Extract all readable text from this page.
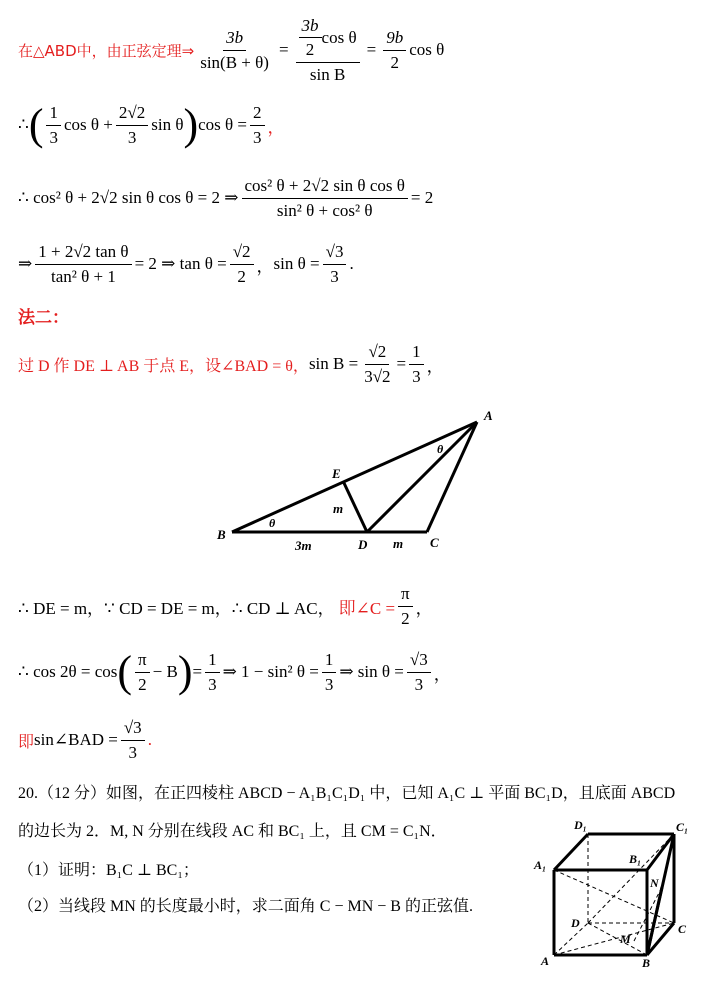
在△ABD中，由正弦定理⇒ $\frac{3b}{\sin(B + \theta)} = \frac{\frac{3b}{2} \cos \theta}{\text{sin B}} = \frac{9b}{2}$ cos θ
∴ ( $\frac{1}{3}$ $\cos \theta + \frac{2√2}{3}$ sin θ ) $\cos \theta = \frac{2}{3}$ ，
∴ cos² θ + 2√2 sin θ cos θ = 2 ⇒ $\frac{\text{cos² θ + 2√2 sin θ cos θ}}{\text{sin² θ + cos² θ}} = 2$
⇒ $\frac{\text{1 + 2√2 tan θ}}{\text{tan² θ + 1}} = 2$ ⇒ $\tan \theta = \frac{√2}{2}$ ， $\sin \theta = \frac{√3}{3}$ .
法二：
过 D 作 DE ⊥ AB 于点 E，设∠BAD = θ， $\sin B = \frac{√2}{3√2} = \frac{1}{3}$ ，
A
B
C
D
E
θ
θ
m
m
3m
∴ DE = m，∵ CD = DE = m，∴ CD ⊥ AC， 即∠C = $\frac{\pi}{2}$ ，
∴ cos 2θ = cos ( $\frac{\pi}{2} - B$ ) = $\frac{1}{3}$ ⇒ 1 − sin² $\theta = \frac{1}{3}$ ⇒ $\sin \theta = \frac{√3}{3}$ ，
即 sin∠BAD = $\frac{√3}{3}$ .
20.（12 分）如图，在正四棱柱 ABCD − A₁B₁C₁D₁ 中，已知 A₁C ⊥ 平面 BC₁D，且底面 ABCD
的边长为 2．M, N 分别在线段 AC 和 BC₁ 上，且 CM = C₁N．
（1）证明：B₁C ⊥ BC₁；
（2）当线段 MN 的长度最小时，求二面角 C − MN − B 的正弦值.
D₁	C₁
A₁	B₁
N
D
M
C
A	B
